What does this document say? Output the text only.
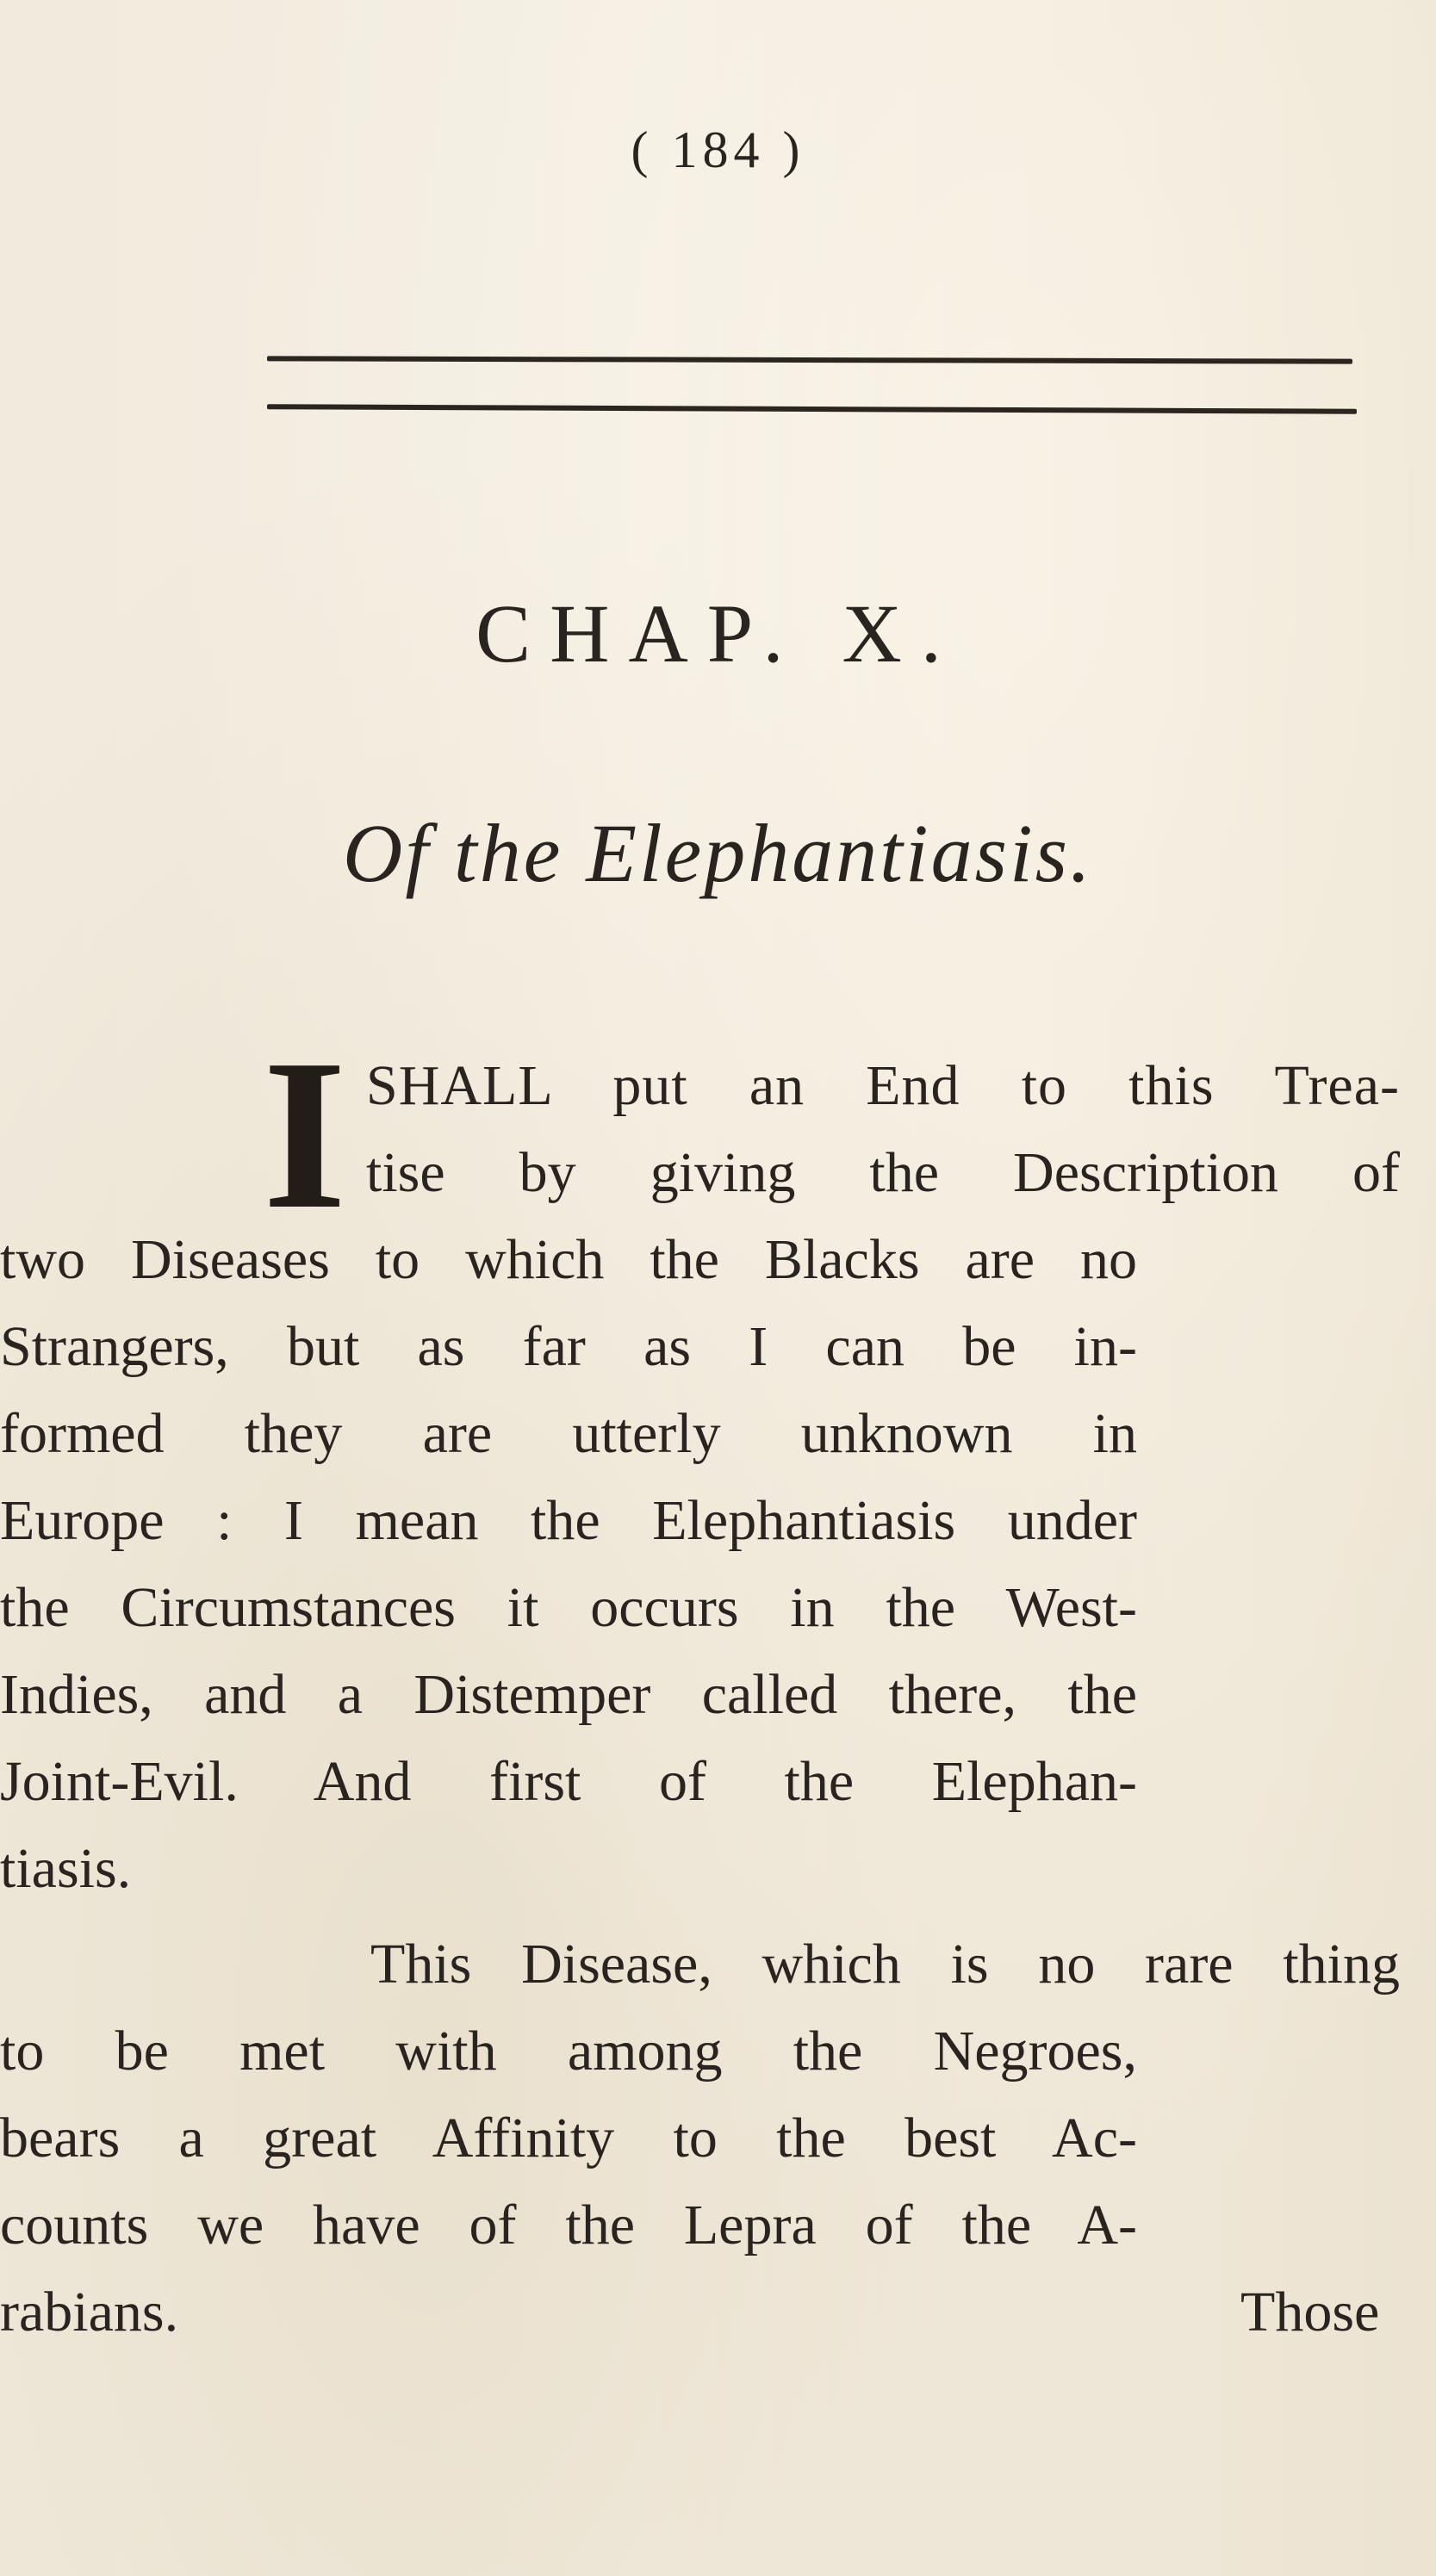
( 184 )
CHAP. X.
Of the Elephantiasis.
I SHALL put an End to this Trea-
tise by giving the Description of
two Diseases to which the Blacks are no
Strangers, but as far as I can be in-
formed they are utterly unknown in
Europe : I mean the Elephantiasis under
the Circumstances it occurs in the West-
Indies, and a Distemper called there, the
Joint-Evil. And first of the Elephan-
tiasis.
This Disease, which is no rare thing
to be met with among the Negroes,
bears a great Affinity to the best Ac-
counts we have of the Lepra of the A-
rabians.	Those
